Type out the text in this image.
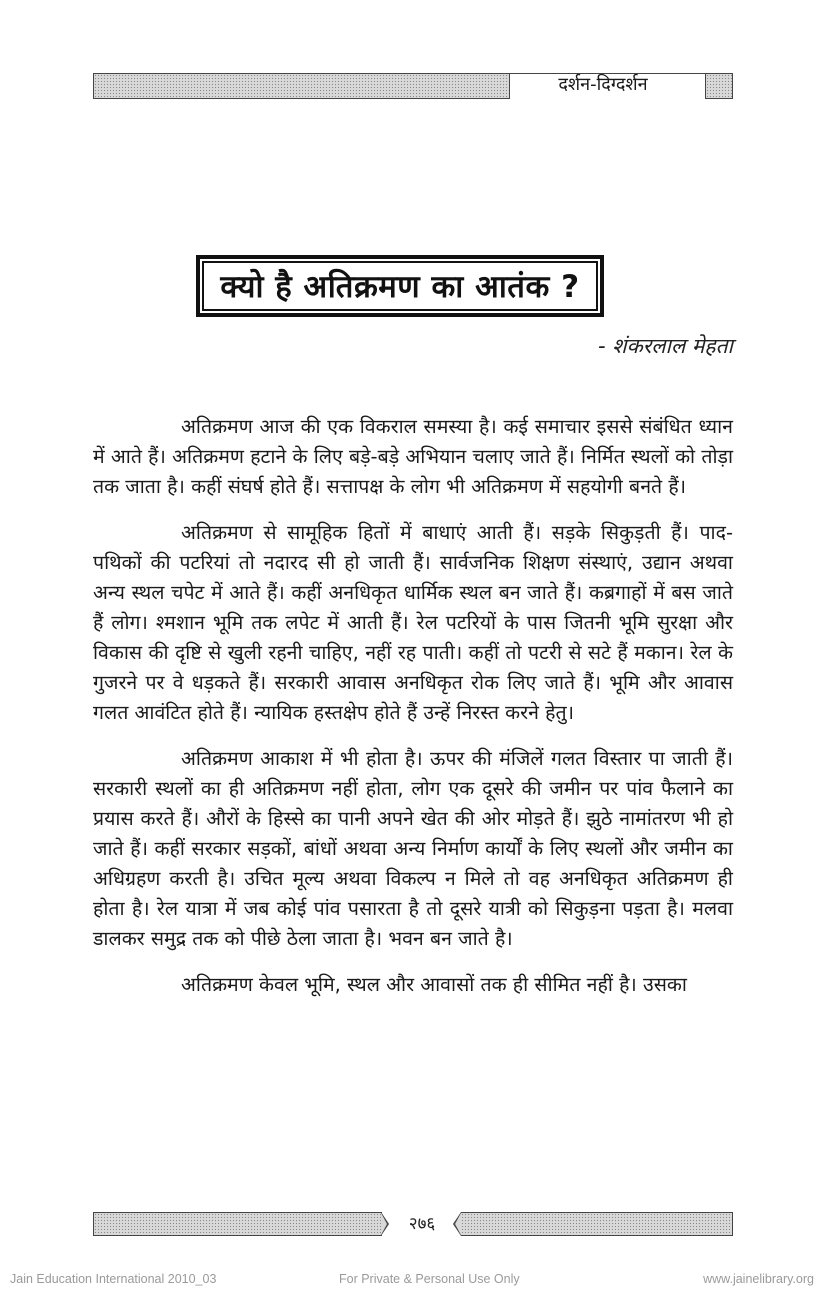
दर्शन-दिग्दर्शन
क्यो है अतिक्रमण का आतंक ?
- शंकरलाल मेहता

अतिक्रमण आज की एक विकराल समस्या है। कई समाचार इससे संबंधित ध्यान में आते हैं। अतिक्रमण हटाने के लिए बड़े-बड़े अभियान चलाए जाते हैं। निर्मित स्थलों को तोड़ा तक जाता है। कहीं संघर्ष होते हैं। सत्तापक्ष के लोग भी अतिक्रमण में सहयोगी बनते हैं।

अतिक्रमण से सामूहिक हितों में बाधाएं आती हैं। सड़के सिकुड़ती हैं। पाद-पथिकों की पटरियां तो नदारद सी हो जाती हैं। सार्वजनिक शिक्षण संस्थाएं, उद्यान अथवा अन्य स्थल चपेट में आते हैं। कहीं अनधिकृत धार्मिक स्थल बन जाते हैं। कब्रगाहों में बस जाते हैं लोग। श्मशान भूमि तक लपेट में आती हैं। रेल पटरियों के पास जितनी भूमि सुरक्षा और विकास की दृष्टि से खुली रहनी चाहिए, नहीं रह पाती। कहीं तो पटरी से सटे हैं मकान। रेल के गुजरने पर वे धड़कते हैं। सरकारी आवास अनधिकृत रोक लिए जाते हैं। भूमि और आवास गलत आवंटित होते हैं। न्यायिक हस्तक्षेप होते हैं उन्हें निरस्त करने हेतु।

अतिक्रमण आकाश में भी होता है। ऊपर की मंजिलें गलत विस्तार पा जाती हैं। सरकारी स्थलों का ही अतिक्रमण नहीं होता, लोग एक दूसरे की जमीन पर पांव फैलाने का प्रयास करते हैं। औरों के हिस्से का पानी अपने खेत की ओर मोड़ते हैं। झुठे नामांतरण भी हो जाते हैं। कहीं सरकार सड़कों, बांधों अथवा अन्य निर्माण कार्यों के लिए स्थलों और जमीन का अधिग्रहण करती है। उचित मूल्य अथवा विकल्प न मिले तो वह अनधिकृत अतिक्रमण ही होता है। रेल यात्रा में जब कोई पांव पसारता है तो दूसरे यात्री को सिकुड़ना पड़ता है। मलवा डालकर समुद्र तक को पीछे ठेला जाता है। भवन बन जाते है।

अतिक्रमण केवल भूमि, स्थल और आवासों तक ही सीमित नहीं है। उसका

२७६
Jain Education International 2010_03	For Private & Personal Use Only	www.jainelibrary.org
